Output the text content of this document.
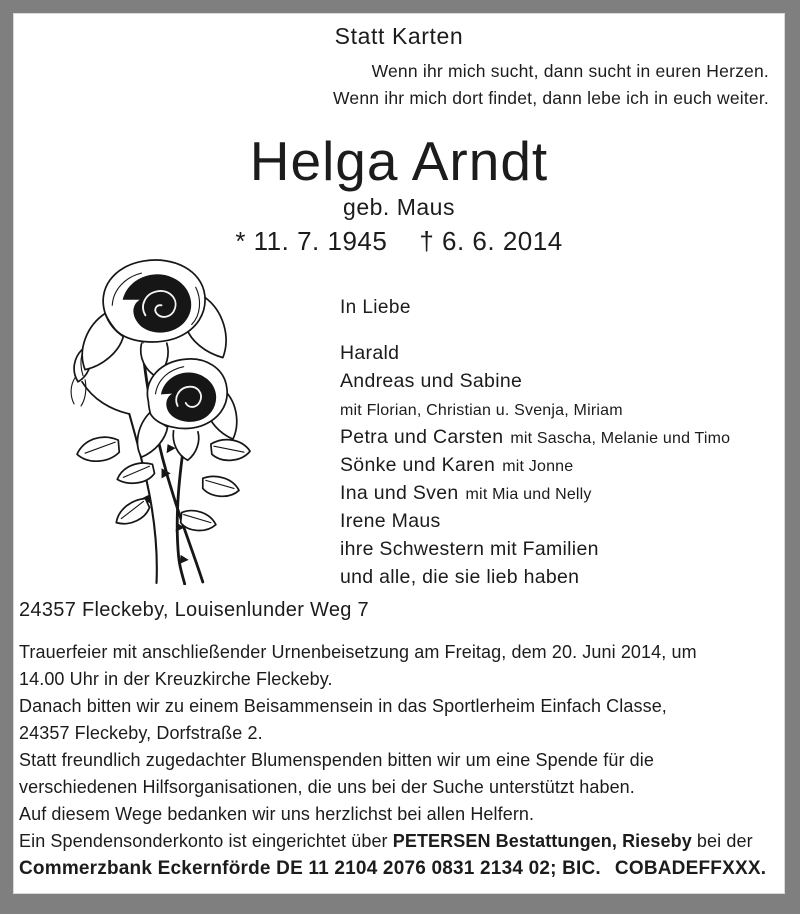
Statt Karten
Wenn ihr mich sucht, dann sucht in euren Herzen.
Wenn ihr mich dort findet, dann lebe ich in euch weiter.
Helga Arndt
geb. Maus
* 11. 7. 1945 † 6. 6. 2014
In Liebe
Harald
Andreas und Sabine
mit Florian, Christian u. Svenja, Miriam
Petra und Carsten mit Sascha, Melanie und Timo
Sönke und Karen mit Jonne
Ina und Sven mit Mia und Nelly
Irene Maus
ihre Schwestern mit Familien
und alle, die sie lieb haben
24357 Fleckeby, Louisenlunder Weg 7
Trauerfeier mit anschließender Urnenbeisetzung am Freitag, dem 20. Juni 2014, um
14.00 Uhr in der Kreuzkirche Fleckeby.
Danach bitten wir zu einem Beisammensein in das Sportlerheim Einfach Classe,
24357 Fleckeby, Dorfstraße 2.
Statt freundlich zugedachter Blumenspenden bitten wir um eine Spende für die
verschiedenen Hilfsorganisationen, die uns bei der Suche unterstützt haben.
Auf diesem Wege bedanken wir uns herzlichst bei allen Helfern.
Ein Spendensonderkonto ist eingerichtet über PETERSEN Bestattungen, Rieseby bei der
Commerzbank Eckernförde DE 11 2104 2076 0831 2134 02; BIC. COBADEFFXXX.
